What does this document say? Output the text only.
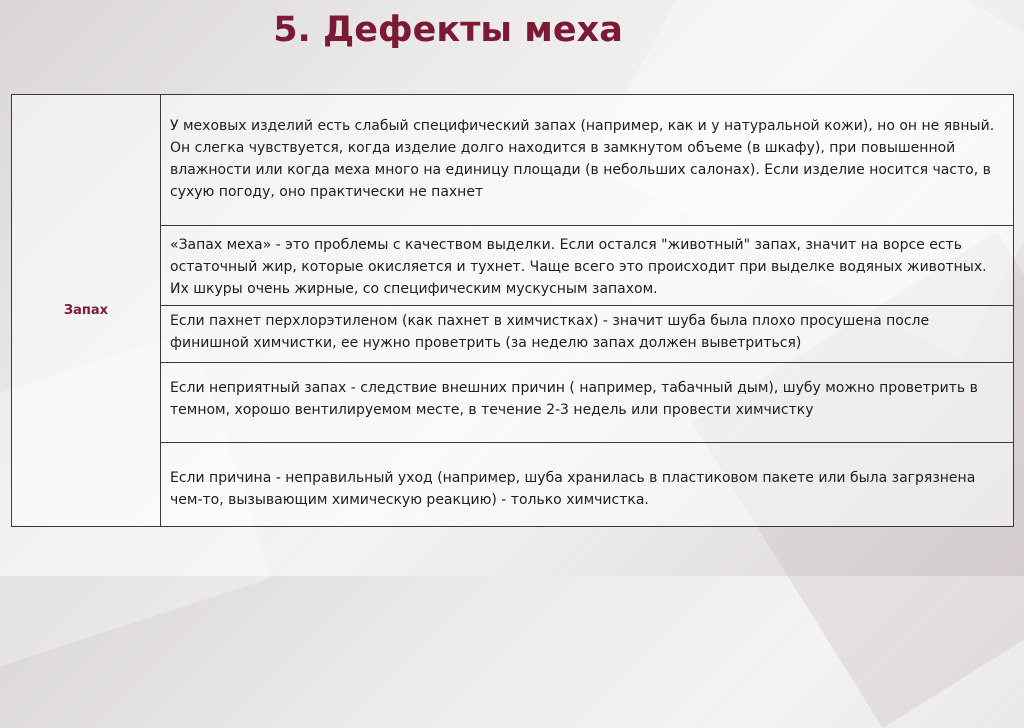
5. Дефекты меха
Запах
У меховых изделий есть слабый специфический запах (например, как и у натуральной кожи), но он не явный. Он слегка чувствуется, когда изделие долго находится в замкнутом объеме (в шкафу), при повышенной влажности или когда меха много на единицу площади (в небольших салонах). Если изделие носится часто, в сухую погоду, оно практически не пахнет
«Запах меха» - это проблемы с качеством выделки. Если остался "животный" запах, значит на ворсе есть остаточный жир, которые окисляется и тухнет. Чаще всего это происходит при выделке водяных животных. Их шкуры очень жирные, со специфическим мускусным запахом.
Если пахнет перхлорэтиленом (как пахнет в химчистках) - значит шуба была плохо просушена после финишной химчистки, ее нужно проветрить (за неделю запах должен выветриться)
Если неприятный запах - следствие внешних причин ( например, табачный дым), шубу можно проветрить в темном, хорошо вентилируемом месте, в течение 2-3 недель или провести химчистку
Если причина - неправильный уход (например, шуба хранилась в пластиковом пакете или была загрязнена чем-то, вызывающим химическую реакцию) - только химчистка.
